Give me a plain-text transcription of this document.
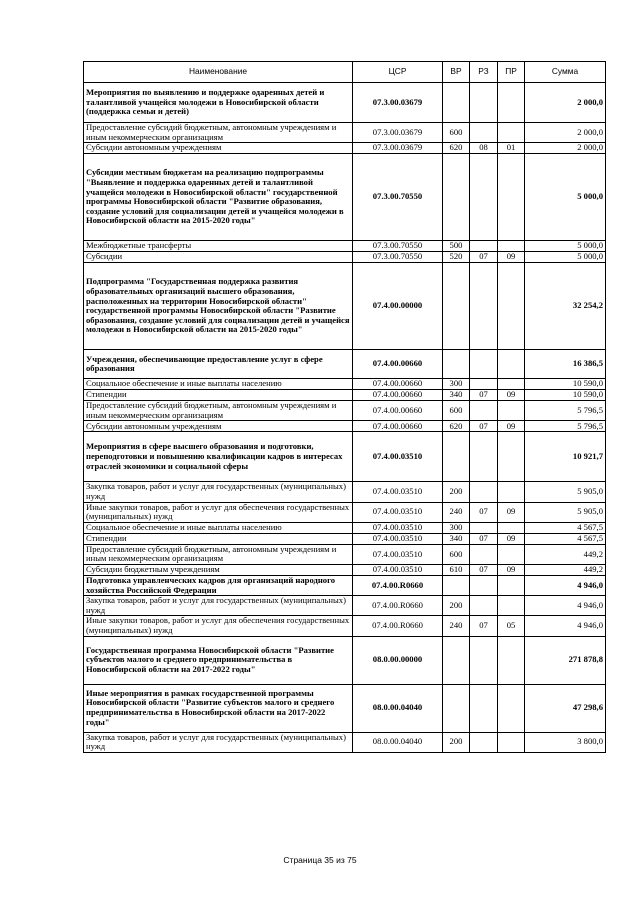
Наименование	ЦСР	ВР	РЗ	ПР	Сумма
Мероприятия по выявлению и поддержке одаренных детей и талантливой учащейся молодежи в Новосибирской области (поддержка семьи и детей)	07.3.00.03679				2 000,0
Предоставление субсидий бюджетным, автономным учреждениям и иным некоммерческим организациям	07.3.00.03679	600			2 000,0
Субсидии автономным учреждениям	07.3.00.03679	620	08	01	2 000,0
Субсидии местным бюджетам на реализацию подпрограммы "Выявление и поддержка одаренных детей и талантливой учащейся молодежи в Новосибирской области" государственной программы Новосибирской области "Развитие образования, создание условий для социализации детей и учащейся молодежи в Новосибирской области на 2015-2020 годы"	07.3.00.70550				5 000,0
Межбюджетные трансферты	07.3.00.70550	500			5 000,0
Субсидии	07.3.00.70550	520	07	09	5 000,0
Подпрограмма "Государственная поддержка развития образовательных организаций высшего образования, расположенных на территории Новосибирской области" государственной программы Новосибирской области "Развитие образования, создание условий для социализации детей и учащейся молодежи в Новосибирской области на 2015-2020 годы"	07.4.00.00000				32 254,2
Учреждения, обеспечивающие предоставление услуг в сфере образования	07.4.00.00660				16 386,5
Социальное обеспечение и иные выплаты населению	07.4.00.00660	300			10 590,0
Стипендии	07.4.00.00660	340	07	09	10 590,0
Предоставление субсидий бюджетным, автономным учреждениям и иным некоммерческим организациям	07.4.00.00660	600			5 796,5
Субсидии автономным учреждениям	07.4.00.00660	620	07	09	5 796,5
Мероприятия в сфере высшего образования и подготовки, переподготовки и повышению квалификации кадров в интересах отраслей экономики и социальной сферы	07.4.00.03510				10 921,7
Закупка товаров, работ и услуг для государственных (муниципальных) нужд	07.4.00.03510	200			5 905,0
Иные закупки товаров, работ и услуг для обеспечения государственных (муниципальных) нужд	07.4.00.03510	240	07	09	5 905,0
Социальное обеспечение и иные выплаты населению	07.4.00.03510	300			4 567,5
Стипендии	07.4.00.03510	340	07	09	4 567,5
Предоставление субсидий бюджетным, автономным учреждениям и иным некоммерческим организациям	07.4.00.03510	600			449,2
Субсидии бюджетным учреждениям	07.4.00.03510	610	07	09	449,2
Подготовка управленческих кадров для организаций народного хозяйства Российской Федерации	07.4.00.R0660				4 946,0
Закупка товаров, работ и услуг для государственных (муниципальных) нужд	07.4.00.R0660	200			4 946,0
Иные закупки товаров, работ и услуг для обеспечения государственных (муниципальных) нужд	07.4.00.R0660	240	07	05	4 946,0
Государственная программа Новосибирской области "Развитие субъектов малого и среднего предпринимательства в Новосибирской области на 2017-2022 годы"	08.0.00.00000				271 878,8
Иные мероприятия в рамках государственной программы Новосибирской области "Развитие субъектов малого и среднего предпринимательства в Новосибирской области на 2017-2022 годы"	08.0.00.04040				47 298,6
Закупка товаров, работ и услуг для государственных (муниципальных) нужд	08.0.00.04040	200			3 800,0
Страница 35 из 75
